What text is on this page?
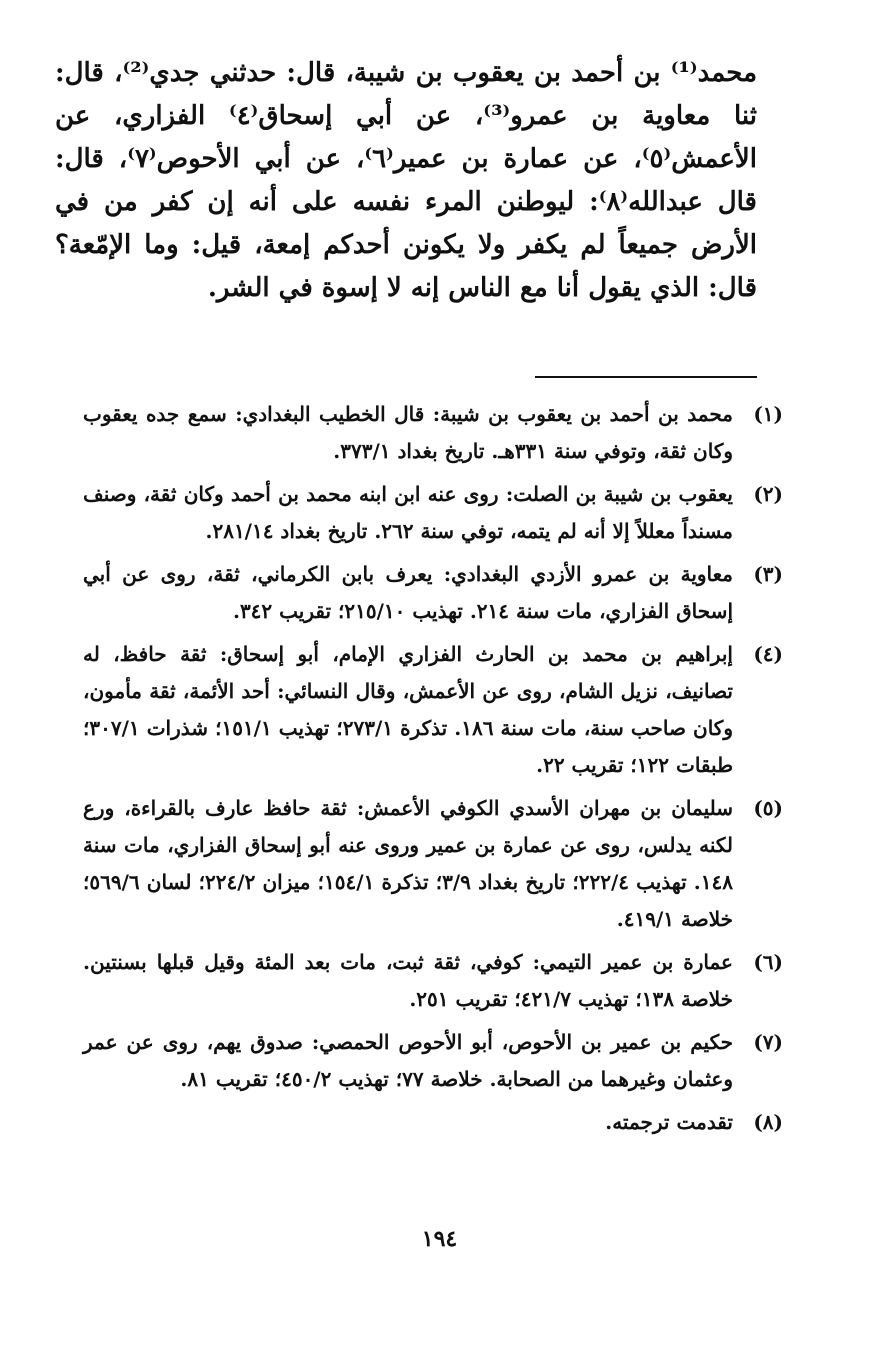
محمد⁽¹⁾ بن أحمد بن يعقوب بن شيبة، قال: حدثني جدي⁽²⁾، قال: ثنا معاوية بن عمرو⁽³⁾، عن أبي إسحاق⁽٤⁾ الفزاري، عن الأعمش⁽٥⁾، عن عمارة بن عمير⁽٦⁾، عن أبي الأحوص⁽٧⁾، قال: قال عبدالله⁽٨⁾: ليوطنن المرء نفسه على أنه إن كفر من في الأرض جميعاً لم يكفر ولا يكونن أحدكم إمعة، قيل: وما الإمّعة؟ قال: الذي يقول أنا مع الناس إنه لا إسوة في الشر.

(١)
محمد بن أحمد بن يعقوب بن شيبة: قال الخطيب البغدادي: سمع جده يعقوب وكان ثقة، وتوفي سنة ٣٣١هـ. تاريخ بغداد ٣٧٣/١.
(٢)
يعقوب بن شيبة بن الصلت: روى عنه ابن ابنه محمد بن أحمد وكان ثقة، وصنف مسنداً معللاً إلا أنه لم يتمه، توفي سنة ٢٦٢. تاريخ بغداد ٢٨١/١٤.
(٣)
معاوية بن عمرو الأزدي البغدادي: يعرف بابن الكرماني، ثقة، روى عن أبي إسحاق الفزاري، مات سنة ٢١٤. تهذيب ٢١٥/١٠؛ تقريب ٣٤٢.
(٤)
إبراهيم بن محمد بن الحارث الفزاري الإمام، أبو إسحاق: ثقة حافظ، له تصانيف، نزيل الشام، روى عن الأعمش، وقال النسائي: أحد الأئمة، ثقة مأمون، وكان صاحب سنة، مات سنة ١٨٦. تذكرة ٢٧٣/١؛ تهذيب ١٥١/١؛ شذرات ٣٠٧/١؛ طبقات ١٢٢؛ تقريب ٢٢.
(٥)
سليمان بن مهران الأسدي الكوفي الأعمش: ثقة حافظ عارف بالقراءة، ورع لكنه يدلس، روى عن عمارة بن عمير وروى عنه أبو إسحاق الفزاري، مات سنة ١٤٨. تهذيب ٢٢٢/٤؛ تاريخ بغداد ٣/٩؛ تذكرة ١٥٤/١؛ ميزان ٢٢٤/٢؛ لسان ٥٦٩/٦؛ خلاصة ٤١٩/١.
(٦)
عمارة بن عمير التيمي: كوفي، ثقة ثبت، مات بعد المئة وقيل قبلها بسنتين. خلاصة ١٣٨؛ تهذيب ٤٢١/٧؛ تقريب ٢٥١.
(٧)
حكيم بن عمير بن الأحوص، أبو الأحوص الحمصي: صدوق يهم، روى عن عمر وعثمان وغيرهما من الصحابة. خلاصة ٧٧؛ تهذيب ٤٥٠/٢؛ تقريب ٨١.
(٨)
تقدمت ترجمته.
١٩٤
